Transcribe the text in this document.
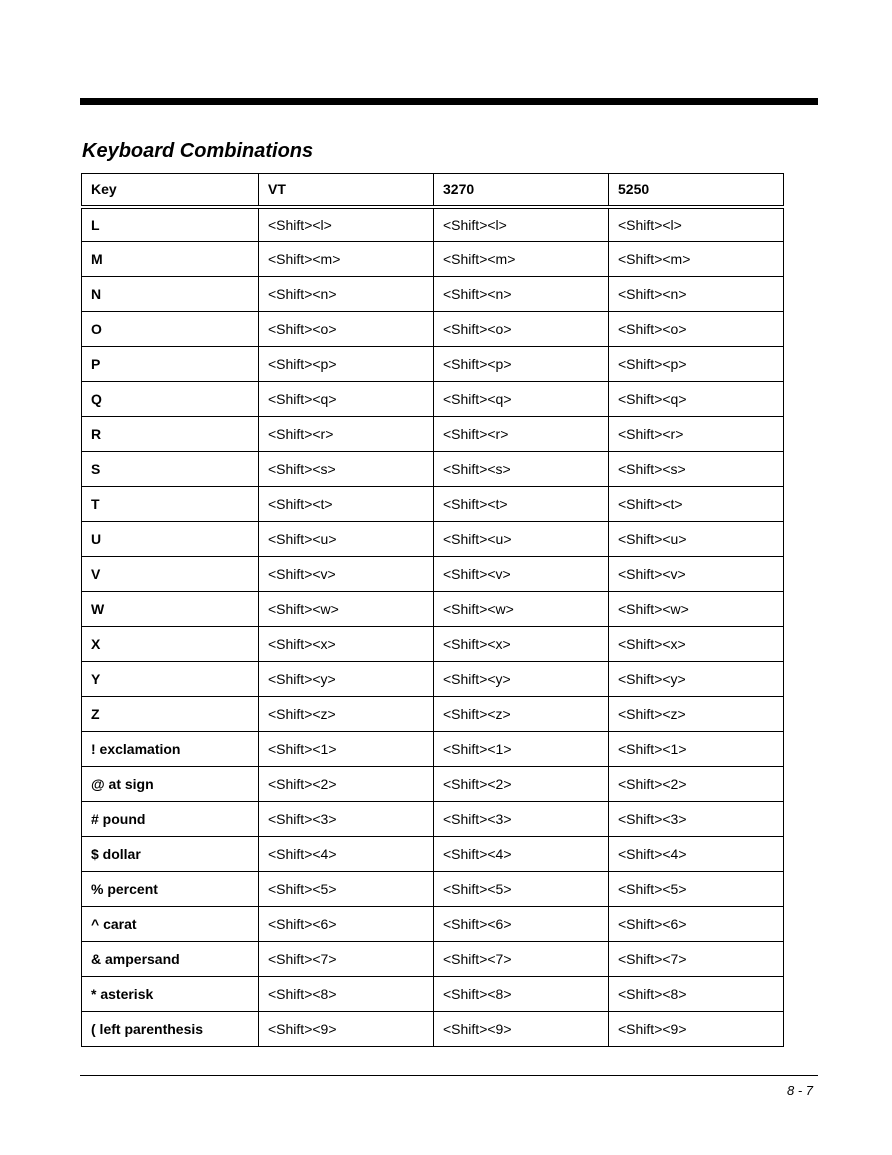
Keyboard Combinations
Key	VT	3270	5250
L	<Shift><l>	<Shift><l>	<Shift><l>
M	<Shift><m>	<Shift><m>	<Shift><m>
N	<Shift><n>	<Shift><n>	<Shift><n>
O	<Shift><o>	<Shift><o>	<Shift><o>
P	<Shift><p>	<Shift><p>	<Shift><p>
Q	<Shift><q>	<Shift><q>	<Shift><q>
R	<Shift><r>	<Shift><r>	<Shift><r>
S	<Shift><s>	<Shift><s>	<Shift><s>
T	<Shift><t>	<Shift><t>	<Shift><t>
U	<Shift><u>	<Shift><u>	<Shift><u>
V	<Shift><v>	<Shift><v>	<Shift><v>
W	<Shift><w>	<Shift><w>	<Shift><w>
X	<Shift><x>	<Shift><x>	<Shift><x>
Y	<Shift><y>	<Shift><y>	<Shift><y>
Z	<Shift><z>	<Shift><z>	<Shift><z>
! exclamation	<Shift><1>	<Shift><1>	<Shift><1>
@ at sign	<Shift><2>	<Shift><2>	<Shift><2>
# pound	<Shift><3>	<Shift><3>	<Shift><3>
$ dollar	<Shift><4>	<Shift><4>	<Shift><4>
% percent	<Shift><5>	<Shift><5>	<Shift><5>
^ carat	<Shift><6>	<Shift><6>	<Shift><6>
& ampersand	<Shift><7>	<Shift><7>	<Shift><7>
* asterisk	<Shift><8>	<Shift><8>	<Shift><8>
( left parenthesis	<Shift><9>	<Shift><9>	<Shift><9>
8 - 7
